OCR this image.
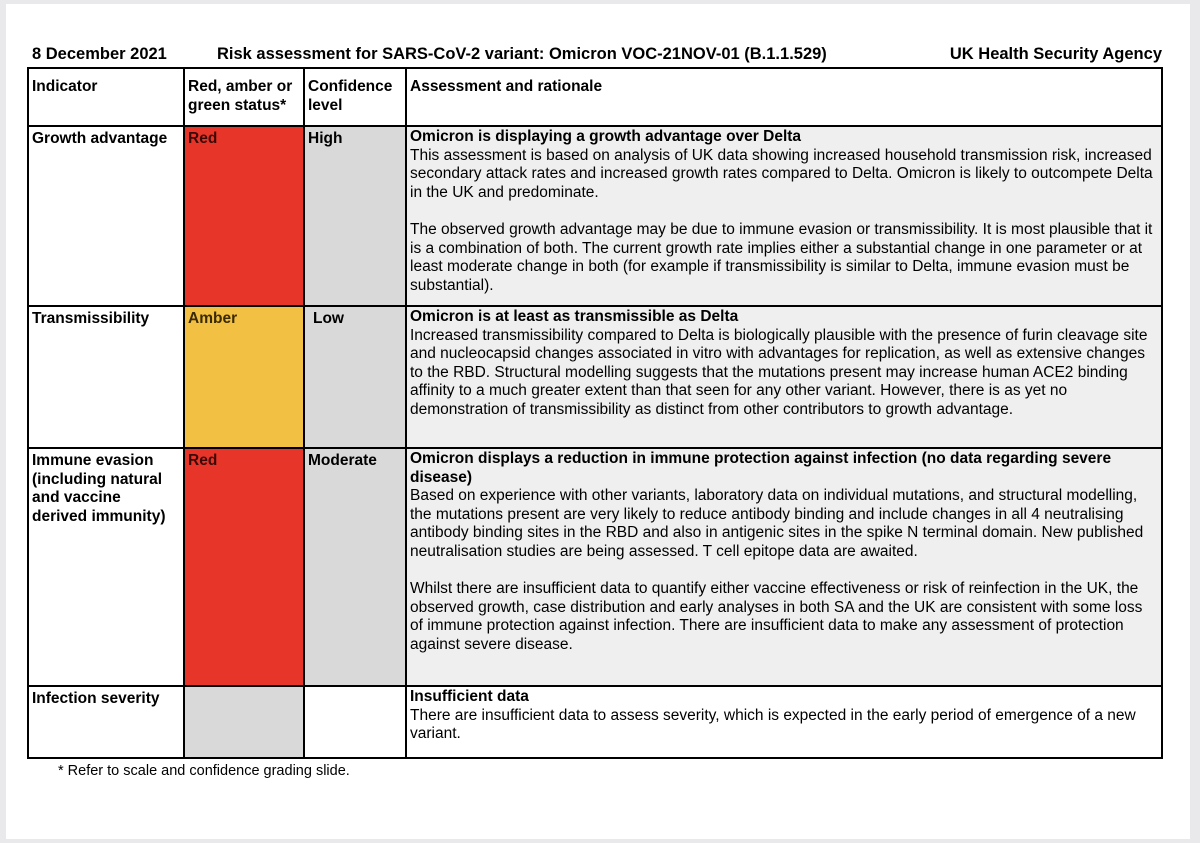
8 December 2021	Risk assessment for SARS-CoV-2 variant: Omicron VOC-21NOV-01 (B.1.1.529)	UK Health Security Agency
Indicator	Red, amber or green status*	Confidence level	Assessment and rationale
Growth advantage	Red	High	Omicron is displaying a growth advantage over Delta
This assessment is based on analysis of UK data showing increased household transmission risk, increased secondary attack rates and increased growth rates compared to Delta. Omicron is likely to outcompete Delta in the UK and predominate.
The observed growth advantage may be due to immune evasion or transmissibility. It is most plausible that it is a combination of both. The current growth rate implies either a substantial change in one parameter or at least moderate change in both (for example if transmissibility is similar to Delta, immune evasion must be substantial).

Transmissibility	Amber	Low	Omicron is at least as transmissible as Delta
Increased transmissibility compared to Delta is biologically plausible with the presence of furin cleavage site and nucleocapsid changes associated in vitro with advantages for replication, as well as extensive changes to the RBD. Structural modelling suggests that the mutations present may increase human ACE2 binding affinity to a much greater extent than that seen for any other variant. However, there is as yet no demonstration of transmissibility as distinct from other contributors to growth advantage.

Immune evasion (including natural and vaccine derived immunity)	Red	Moderate	Omicron displays a reduction in immune protection against infection (no data regarding severe disease)
Based on experience with other variants, laboratory data on individual mutations, and structural modelling, the mutations present are very likely to reduce antibody binding and include changes in all 4 neutralising antibody binding sites in the RBD and also in antigenic sites in the spike N terminal domain. New published neutralisation studies are being assessed. T cell epitope data are awaited.
Whilst there are insufficient data to quantify either vaccine effectiveness or risk of reinfection in the UK, the observed growth, case distribution and early analyses in both SA and the UK are consistent with some loss of immune protection against infection. There are insufficient data to make any assessment of protection against severe disease.

Infection severity			Insufficient data
There are insufficient data to assess severity, which is expected in the early period of emergence of a new variant.
* Refer to scale and confidence grading slide.
